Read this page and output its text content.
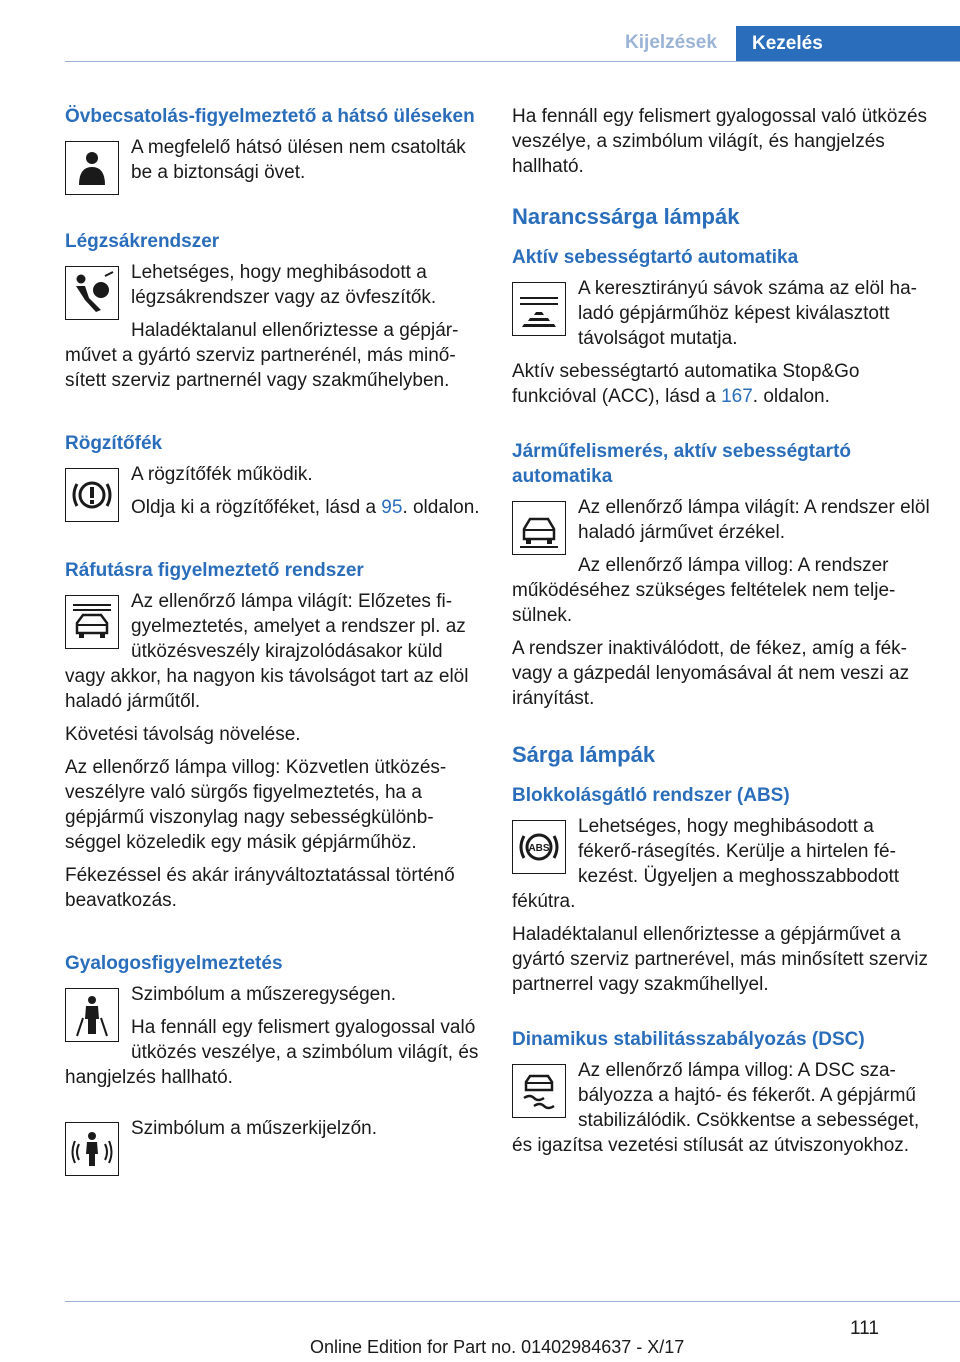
Kijelzések	Kezelés
Övbecsatolás-figyelmeztető a hátsó üléseken
A megfelelő hátsó ülésen nem csatolták be a biztonsági övet.
Légzsákrendszer
Lehetséges, hogy meghibásodott a légzsákrendszer vagy az övfeszítők.
Haladéktalanul ellenőriztesse a gépjárművet a gyártó szerviz partnerénél, más minősített szerviz partnernél vagy szakműhelyben.
Rögzítőfék
A rögzítőfék működik.
Oldja ki a rögzítőféket, lásd a 95. oldalon.
Ráfutásra figyelmeztető rendszer
Az ellenőrző lámpa világít: Előzetes figyelmeztetés, amelyet a rendszer pl. az ütközésveszély kirajzolódásakor küld vagy akkor, ha nagyon kis távolságot tart az elöl haladó járműtől.
Követési távolság növelése.
Az ellenőrző lámpa villog: Közvetlen ütközésveszélyre való sürgős figyelmeztetés, ha a gépjármű viszonylag nagy sebességkülönbséggel közeledik egy másik gépjárműhöz.
Fékezéssel és akár irányváltoztatással történő beavatkozás.
Gyalogosfigyelmeztetés
Szimbólum a műszeregységen.
Ha fennáll egy felismert gyalogossal való ütközés veszélye, a szimbólum világít, és hangjelzés hallható.
Szimbólum a műszerkijelzőn.
Ha fennáll egy felismert gyalogossal való ütközés veszélye, a szimbólum világít, és hangjelzés hallható.
Narancssárga lámpák
Aktív sebességtartó automatika
A keresztirányú sávok száma az elöl haladó gépjárműhöz képest kiválasztott távolságot mutatja.
Aktív sebességtartó automatika Stop&Go funkcióval (ACC), lásd a 167. oldalon.
Járműfelismerés, aktív sebességtartó automatika
Az ellenőrző lámpa világít: A rendszer elöl haladó járművet érzékel.
Az ellenőrző lámpa villog: A rendszer működéséhez szükséges feltételek nem teljesülnek.
A rendszer inaktiválódott, de fékez, amíg a fék- vagy a gázpedál lenyomásával át nem veszi az irányítást.
Sárga lámpák
Blokkolásgátló rendszer (ABS)
ABS
Lehetséges, hogy meghibásodott a fékerő-rásegítés. Kerülje a hirtelen fékezést. Ügyeljen a meghosszabbodott fékútra.
Haladéktalanul ellenőriztesse a gépjárművet a gyártó szerviz partnerével, más minősített szerviz partnerrel vagy szakműhellyel.
Dinamikus stabilitásszabályozás (DSC)
Az ellenőrző lámpa villog: A DSC szabályozza a hajtó- és fékerőt. A gépjármű stabilizálódik. Csökkentse a sebességet, és igazítsa vezetési stílusát az útviszonyokhoz.
111
Online Edition for Part no. 01402984637 - X/17
